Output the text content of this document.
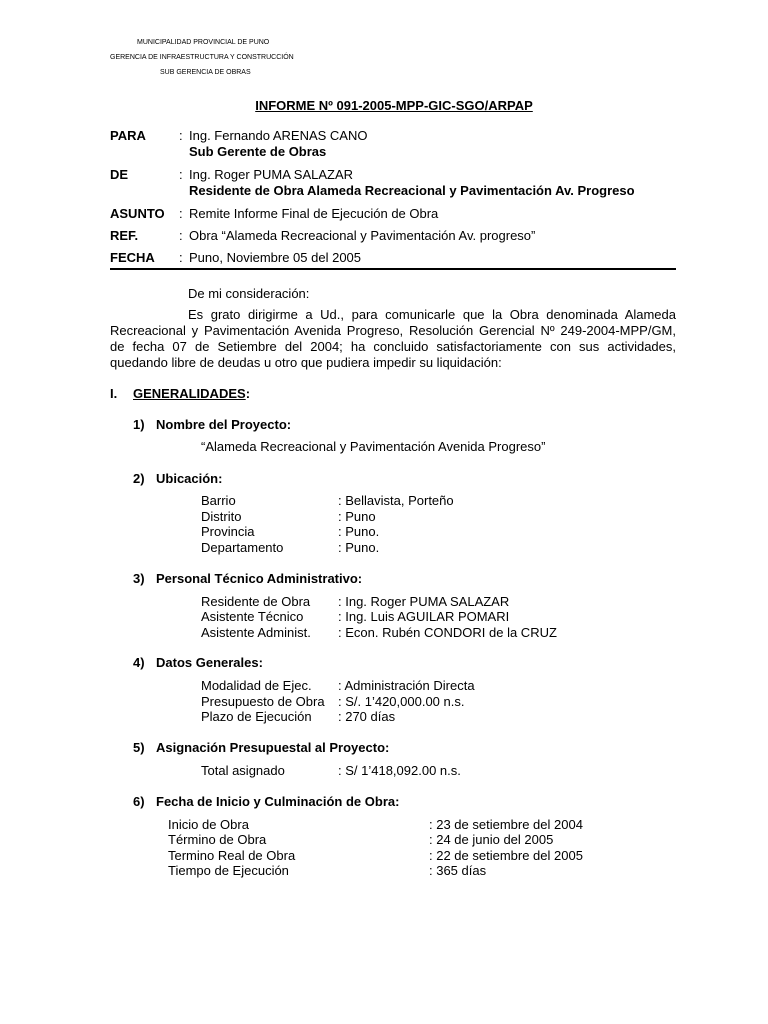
MUNICIPALIDAD PROVINCIAL DE PUNO
GERENCIA DE INFRAESTRUCTURA Y CONSTRUCCIÓN
SUB GERENCIA DE OBRAS
INFORME Nº 091-2005-MPP-GIC-SGO/ARPAP
PARA	: Ing. Fernando ARENAS CANO
Sub Gerente de Obras
DE	: Ing. Roger PUMA SALAZAR
Residente de Obra Alameda Recreacional y Pavimentación Av. Progreso
ASUNTO : Remite Informe Final de Ejecución de Obra
REF.	: Obra “Alameda Recreacional y Pavimentación Av. progreso”
FECHA : Puno, Noviembre 05 del 2005
De mi consideración:
Es grato dirigirme a Ud., para comunicarle que la Obra denominada Alameda Recreacional y Pavimentación Avenida Progreso, Resolución Gerencial Nº 249-2004-MPP/GM, de fecha 07 de Setiembre del 2004; ha concluido satisfactoriamente con sus actividades, quedando libre de deudas u otro que pudiera impedir su liquidación:
I. GENERALIDADES:
1) Nombre del Proyecto:
“Alameda Recreacional y Pavimentación Avenida Progreso”
2) Ubicación:
Barrio	: Bellavista, Porteño
Distrito	: Puno
Provincia	: Puno.
Departamento	: Puno.
3) Personal Técnico Administrativo:
Residente de Obra : Ing. Roger PUMA SALAZAR
Asistente Técnico	: Ing. Luis AGUILAR POMARI
Asistente Administ. : Econ. Rubén CONDORI de la CRUZ
4) Datos Generales:
Modalidad de Ejec. : Administración Directa
Presupuesto de Obra : S/. 1’420,000.00 n.s.
Plazo de Ejecución : 270 días
5) Asignación Presupuestal al Proyecto:
Total asignado	: S/ 1’418,092.00 n.s.
6) Fecha de Inicio y Culminación de Obra:
Inicio de Obra	: 23 de setiembre del 2004
Término de Obra	: 24 de junio del 2005
Termino Real de Obra	: 22 de setiembre del 2005
Tiempo de Ejecución	: 365 días
